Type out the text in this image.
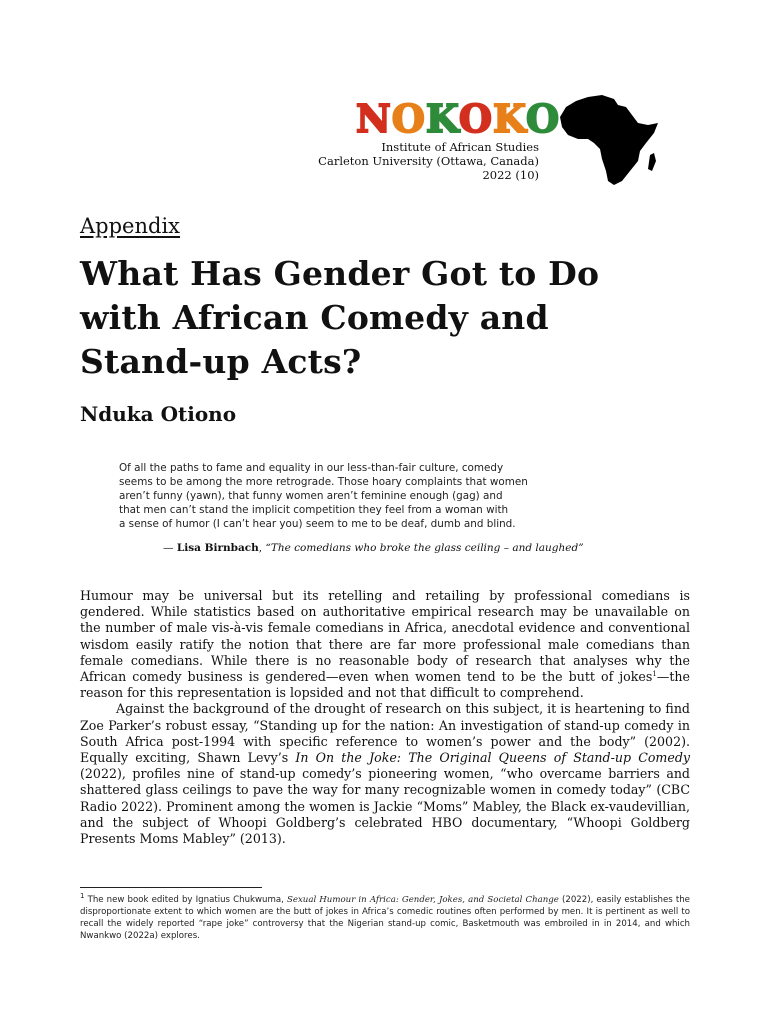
NOKOKO
Institute of African Studies
Carleton University (Ottawa, Canada)
2022 (10)
Appendix
What Has Gender Got to Do
with African Comedy and
Stand-up Acts?
Nduka Otiono
Of all the paths to fame and equality in our less-than-fair culture, comedy
seems to be among the more retrograde. Those hoary complaints that women
aren’t funny (yawn), that funny women aren’t feminine enough (gag) and
that men can’t stand the implicit competition they feel from a woman with
a sense of humor (I can’t hear you) seem to me to be deaf, dumb and blind.
— Lisa Birnbach, “The comedians who broke the glass ceiling – and laughed”

Humour may be universal but its retelling and retailing by professional comedians is gendered. While statistics based on authoritative empirical research may be unavailable on the number of male vis-à-vis female comedians in Africa, anecdotal evidence and conventional wisdom easily ratify the notion that there are far more professional male comedians than female comedians. While there is no reasonable body of research that analyses why the African comedy business is gendered—even when women tend to be the butt of jokes$^1$—the reason for this representation is lopsided and not that difficult to comprehend.

Against the background of the drought of research on this subject, it is heartening to find Zoe Parker’s robust essay, “Standing up for the nation: An investigation of stand-up comedy in South Africa post-1994 with specific reference to women’s power and the body” (2002). Equally exciting, Shawn Levy’s In On the Joke: The Original Queens of Stand-up Comedy (2022), profiles nine of stand-up comedy’s pioneering women, “who overcame barriers and shattered glass ceilings to pave the way for many recognizable women in comedy today” (CBC Radio 2022). Prominent among the women is Jackie “Moms” Mabley, the Black ex-vaudevillian, and the subject of Whoopi Goldberg’s celebrated HBO documentary, “Whoopi Goldberg Presents Moms Mabley” (2013).

$^1$ The new book edited by Ignatius Chukwuma, Sexual Humour in Africa: Gender, Jokes, and Societal Change (2022), easily establishes the disproportionate extent to which women are the butt of jokes in Africa’s comedic routines often performed by men. It is pertinent as well to recall the widely reported “rape joke” controversy that the Nigerian stand-up comic, Basketmouth was embroiled in in 2014, and which Nwankwo (2022a) explores.
